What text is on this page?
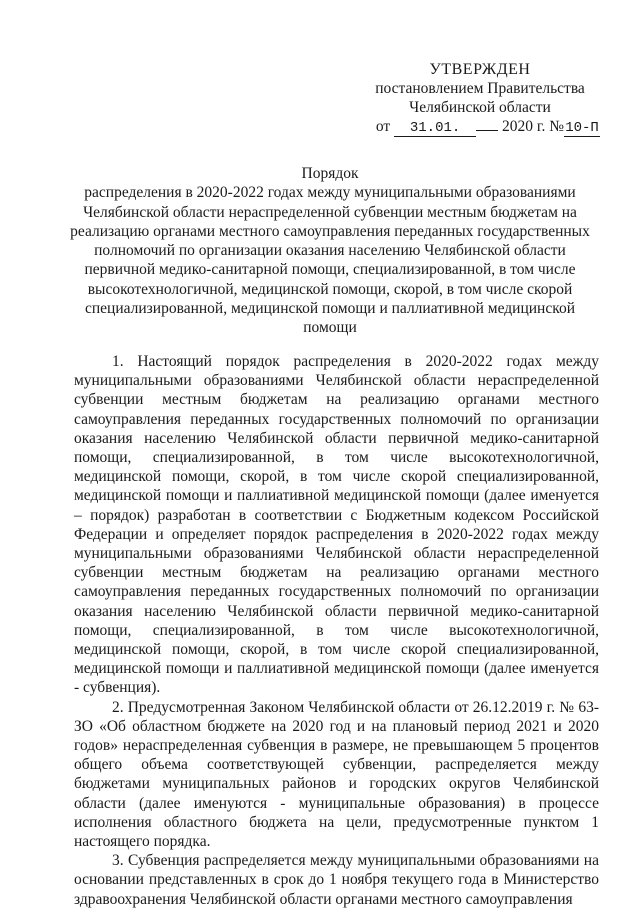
УТВЕРЖДЕН
постановлением Правительства
Челябинской области
от 31.01.	2020 г. №10-П
Порядок
распределения в 2020-2022 годах между муниципальными образованиями
Челябинской области нераспределенной субвенции местным бюджетам на
реализацию органами местного самоуправления переданных государственных
полномочий по организации оказания населению Челябинской области
первичной медико-санитарной помощи, специализированной, в том числе
высокотехнологичной, медицинской помощи, скорой, в том числе скорой
специализированной, медицинской помощи и паллиативной медицинской
помощи

1. Настоящий порядок распределения в 2020-2022 годах между муниципальными образованиями Челябинской области нераспределенной субвенции местным бюджетам на реализацию органами местного самоуправления переданных государственных полномочий по организации оказания населению Челябинской области первичной медико-санитарной помощи, специализированной, в том числе высокотехнологичной, медицинской помощи, скорой, в том числе скорой специализированной, медицинской помощи и паллиативной медицинской помощи (далее именуется – порядок) разработан в соответствии с Бюджетным кодексом Российской Федерации и определяет порядок распределения в 2020-2022 годах между муниципальными образованиями Челябинской области нераспределенной субвенции местным бюджетам на реализацию органами местного самоуправления переданных государственных полномочий по организации оказания населению Челябинской области первичной медико-санитарной помощи, специализированной, в том числе высокотехнологичной, медицинской помощи, скорой, в том числе скорой специализированной, медицинской помощи и паллиативной медицинской помощи (далее именуется - субвенция).

2. Предусмотренная Законом Челябинской области от 26.12.2019 г. № 63-ЗО «Об областном бюджете на 2020 год и на плановый период 2021 и 2020 годов» нераспределенная субвенция в размере, не превышающем 5 процентов общего объема соответствующей субвенции, распределяется между бюджетами муниципальных районов и городских округов Челябинской области (далее именуются - муниципальные образования) в процессе исполнения областного бюджета на цели, предусмотренные пунктом 1 настоящего порядка.

3. Субвенция распределяется между муниципальными образованиями на основании представленных в срок до 1 ноября текущего года в Министерство здравоохранения Челябинской области органами местного самоуправления
